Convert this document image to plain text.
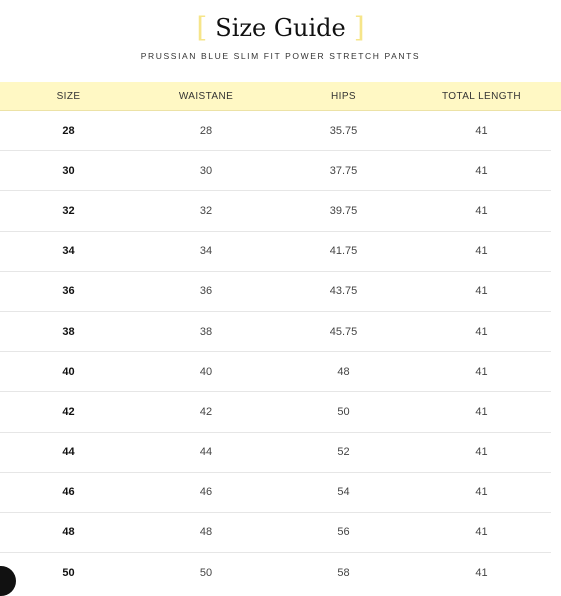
[ Size Guide ]
PRUSSIAN BLUE SLIM FIT POWER STRETCH PANTS
SIZE	WAISTANE	HIPS	TOTAL LENGTH
28	28	35.75	41
30	30	37.75	41
32	32	39.75	41
34	34	41.75	41
36	36	43.75	41
38	38	45.75	41
40	40	48	41
42	42	50	41
44	44	52	41
46	46	54	41
48	48	56	41
50	50	58	41
